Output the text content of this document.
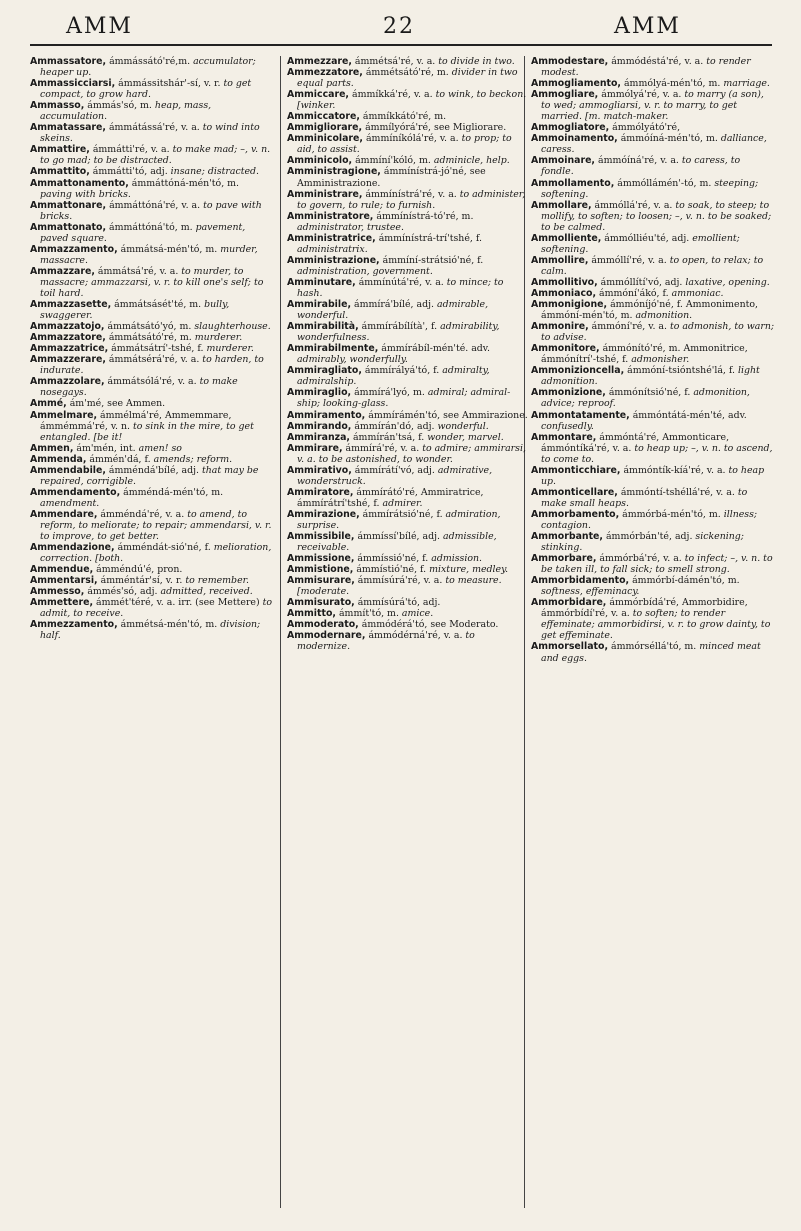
AMM	22	AMM

Ammassatore, ámmássátó'ré,m. accumulator; heaper up.

Ammassicciarsi, ámmássitshár'-sí, v. r. to get compact, to grow hard.

Ammasso, ámmás'só, m. heap, mass, accumulation.

Ammatassare, ámmátássá'ré, v. a. to wind into skeins.

Ammattire, ámmátti'ré, v. a. to make mad; –, v. n. to go mad; to be distracted.

Ammattito, ámmátti'tó, adj. insane; distracted.

Ammattonamento, ámmáttóná-mén'tó, m. paving with bricks.

Ammattonare, ámmáttóná'ré, v. a. to pave with bricks.

Ammattonato, ámmáttóná'tó, m. pavement, paved square.

Ammazzamento, ámmátsá-mén'tó, m. murder, massacre.

Ammazzare, ámmátsá'ré, v. a. to murder, to massacre; ammazzarsi, v. r. to kill one's self; to toil hard.

Ammazzasette, ámmátsásét'té, m. bully, swaggerer.

Ammazzatojo, ámmátsátó'yó, m. slaughterhouse.

Ammazzatore, ámmátsátó'ré, m. murderer.

Ammazzatrice, ámmátsátrí'-tshé, f. murderer.

Ammazzerare, ámmátsérá'ré, v. a. to harden, to indurate.

Ammazzolare, ámmátsólá'ré, v. a. to make nosegays.

Ammé, ám'mé, see Ammen.

Ammelmare, ámmélmá'ré, Ammemmare, ámmémmá'ré, v. n. to sink in the mire, to get entangled. [be it!

Ammen, ám'mén, int. amen! so

Ammenda, ámmén'dá, f. amends; reform.

Ammendabile, ámméndá'bílé, adj. that may be repaired, corrigible.

Ammendamento, ámméndá-mén'tó, m. amendment.

Ammendare, ámméndá'ré, v. a. to amend, to reform, to meliorate; to repair; ammendarsi, v. r. to improve, to get better.

Ammendazione, ámméndát-sió'né, f. melioration, correction. [both.

Ammendue, ámméndú'é, pron.

Ammentarsi, ámméntár'sí, v. r. to remember.

Ammesso, ámmés'só, adj. admitted, received.

Ammettere, ámmét'téré, v. a. irr. (see Mettere) to admit, to receive.

Ammezzamento, ámmétsá-mén'tó, m. division; half.

Ammezzare, ámmétsá'ré, v. a. to divide in two.

Ammezzatore, ámmétsátó'ré, m. divider in two equal parts.

Ammiccare, ámmíkká'ré, v. a. to wink, to beckon. [winker.

Ammiccatore, ámmíkkátó'ré, m.

Ammigliorare, ámmílyórá'ré, see Migliorare.

Amminicolare, ámmíníkólá'ré, v. a. to prop; to aid, to assist.

Amminicolo, ámmíní'kóló, m. adminicle, help.

Amministragione, ámmínístrá-jó'né, see Amministrazione.

Amministrare, ámmínístrá'ré, v. a. to administer, to govern, to rule; to furnish.

Amministratore, ámmínístrá-tó'ré, m. administrator, trustee.

Amministratrice, ámmínístrá-trí'tshé, f. administratrix.

Amministrazione, ámmíní-strátsió'né, f. administration, government.

Amminutare, ámmínútá'ré, v. a. to mince; to hash.

Ammirabile, ámmírá'bílé, adj. admirable, wonderful.

Ammirabilità, ámmírábílítà', f. admirability, wonderfulness.

Ammirabilmente, ámmírábíl-mén'té. adv. admirably, wonderfully.

Ammiragliato, ámmírályá'tó, f. admiralty, admiralship.

Ammiraglio, ámmírá'lyó, m. admiral; admiral-ship; looking-glass.

Ammiramento, ámmírámén'tó, see Ammirazione.

Ammirando, ámmírán'dó, adj. wonderful.

Ammiranza, ámmírán'tsá, f. wonder, marvel.

Ammirare, ámmírá'ré, v. a. to admire; ammirarsi, v. a. to be astonished, to wonder.

Ammirativo, ámmírátí'vó, adj. admirative, wonderstruck.

Ammiratore, ámmírátó'ré, Ammiratrice, ámmírátrí'tshé, f. admirer.

Ammirazione, ámmírátsió'né, f. admiration, surprise.

Ammissibile, ámmíssí'bílé, adj. admissible, receivable.

Ammissione, ámmíssió'né, f. admission.

Ammistione, ámmístió'né, f. mixture, medley.

Ammisurare, ámmísúrá'ré, v. a. to measure. [moderate.

Ammisurato, ámmísúrá'tó, adj.

Ammitto, ámmít'tó, m. amice.

Ammoderato, ámmódérá'tó, see Moderato.

Ammodernare, ámmódérná'ré, v. a. to modernize.

Ammodestare, ámmódéstá'ré, v. a. to render modest.

Ammogliamento, ámmólyá-mén'tó, m. marriage.

Ammogliare, ámmólyá'ré, v. a. to marry (a son), to wed; ammogliarsi, v. r. to marry, to get married. [m. match-maker.

Ammogliatore, ámmólyátó'ré,

Ammoinamento, ámmóíná-mén'tó, m. dalliance, caress.

Ammoinare, ámmóíná'ré, v. a. to caress, to fondle.

Ammollamento, ámmóllámén'-tó, m. steeping; softening.

Ammollare, ámmóllá'ré, v. a. to soak, to steep; to mollify, to soften; to loosen; –, v. n. to be soaked; to be calmed.

Ammolliente, ámmólliéu'té, adj. emollient; softening.

Ammollire, ámmóllí'ré, v. a. to open, to relax; to calm.

Ammollitivo, ámmóllítí'vó, adj. laxative, opening.

Ammoniaco, ámmóní'ákó, f. ammoniac.

Ammonigione, ámmóníjó'né, f. Ammonimento, ámmóní-mén'tó, m. admonition.

Ammonire, ámmóní'ré, v. a. to admonish, to warn; to advise.

Ammonitore, ámmónító'ré, m. Ammonitrice, ámmónítrí'-tshé, f. admonisher.

Ammonizioncella, ámmóní-tsióntshé'lá, f. light admonition.

Ammonizione, ámmónítsió'né, f. admonition, advice; reproof.

Ammontatamente, ámmóntátá-mén'té, adv. confusedly.

Ammontare, ámmóntá'ré, Ammonticare, ámmóntíká'ré, v. a. to heap up; –, v. n. to ascend, to come to.

Ammonticchiare, ámmóntík-kíá'ré, v. a. to heap up.

Ammonticellare, ámmóntí-tshéllá'ré, v. a. to make small heaps.

Ammorbamento, ámmórbá-mén'tó, m. illness; contagion.

Ammorbante, ámmórbán'té, adj. sickening; stinking.

Ammorbare, ámmórbá'ré, v. a. to infect; –, v. n. to be taken ill, to fall sick; to smell strong.

Ammorbidamento, ámmórbí-dámén'tó, m. softness, effeminacy.

Ammorbidare, ámmórbídá'ré, Ammorbidire, ámmórbídí'ré, v. a. to soften; to render effeminate; ammorbidirsi, v. r. to grow dainty, to get effeminate.

Ammorsellato, ámmórséllá'tó, m. minced meat and eggs.
